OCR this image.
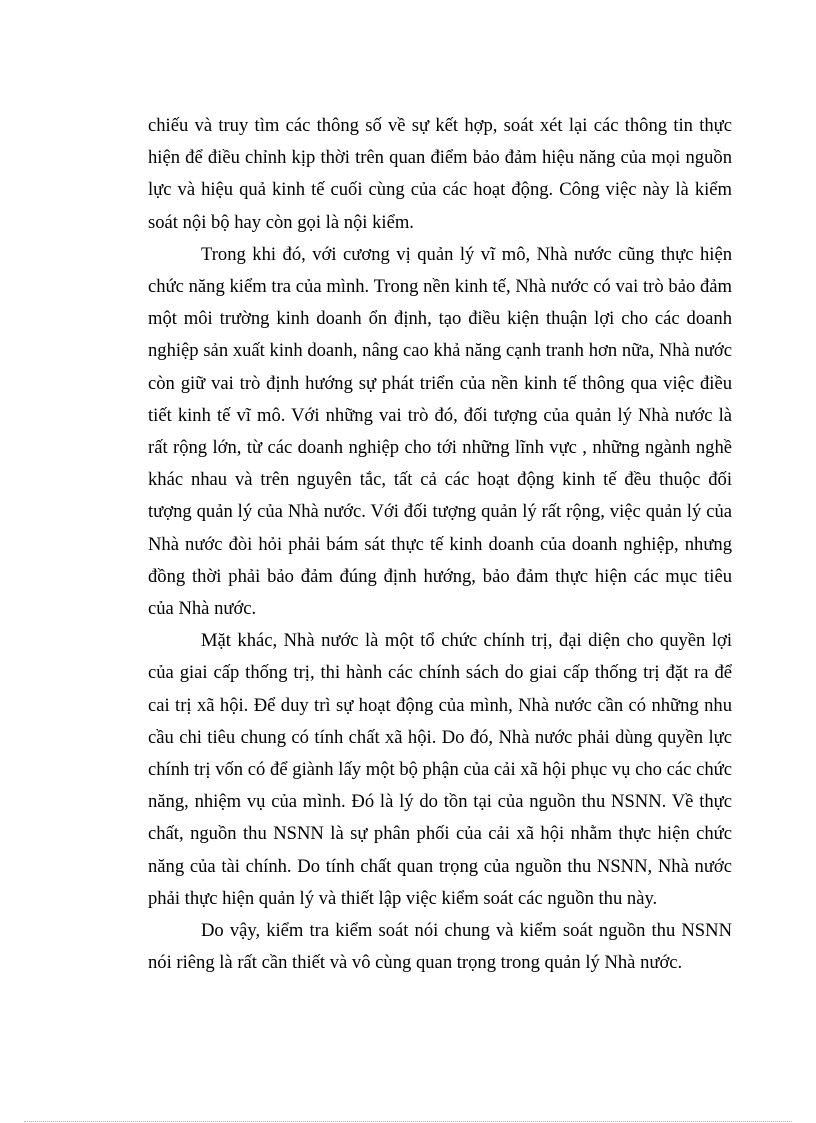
chiếu và truy tìm các thông số về sự kết hợp, soát xét lại các thông tin thực hiện để điều chỉnh kịp thời trên quan điểm bảo đảm hiệu năng của mọi nguồn lực và hiệu quả kinh tế cuối cùng của các hoạt động. Công việc này là kiểm soát nội bộ hay còn gọi là nội kiểm.

Trong khi đó, với cương vị quản lý vĩ mô, Nhà nước cũng thực hiện chức năng kiểm tra của mình. Trong nền kinh tế, Nhà nước có vai trò bảo đảm một môi trường kinh doanh ổn định, tạo điều kiện thuận lợi cho các doanh nghiệp sản xuất kinh doanh, nâng cao khả năng cạnh tranh hơn nữa, Nhà nước còn giữ vai trò định hướng sự phát triển của nền kinh tế thông qua việc điều tiết kinh tế vĩ mô. Với những vai trò đó, đối tượng của quản lý Nhà nước là rất rộng lớn, từ các doanh nghiệp cho tới những lĩnh vực , những ngành nghề khác nhau và trên nguyên tắc, tất cả các hoạt động kinh tế đều thuộc đối tượng quản lý của Nhà nước. Với đối tượng quản lý rất rộng, việc quản lý của Nhà nước đòi hỏi phải bám sát thực tế kinh doanh của doanh nghiệp, nhưng đồng thời phải bảo đảm đúng định hướng, bảo đảm thực hiện các mục tiêu của Nhà nước.

Mặt khác, Nhà nước là một tổ chức chính trị, đại diện cho quyền lợi của giai cấp thống trị, thi hành các chính sách do giai cấp thống trị đặt ra để cai trị xã hội. Để duy trì sự hoạt động của mình, Nhà nước cần có những nhu cầu chi tiêu chung có tính chất xã hội. Do đó, Nhà nước phải dùng quyền lực chính trị vốn có để giành lấy một bộ phận của cải xã hội phục vụ cho các chức năng, nhiệm vụ của mình. Đó là lý do tồn tại của nguồn thu NSNN. Về thực chất, nguồn thu NSNN là sự phân phối của cải xã hội nhằm thực hiện chức năng của tài chính. Do tính chất quan trọng của nguồn thu NSNN, Nhà nước phải thực hiện quản lý và thiết lập việc kiểm soát các nguồn thu này.

Do vậy, kiểm tra kiểm soát nói chung và kiểm soát nguồn thu NSNN nói riêng là rất cần thiết và vô cùng quan trọng trong quản lý Nhà nước.
